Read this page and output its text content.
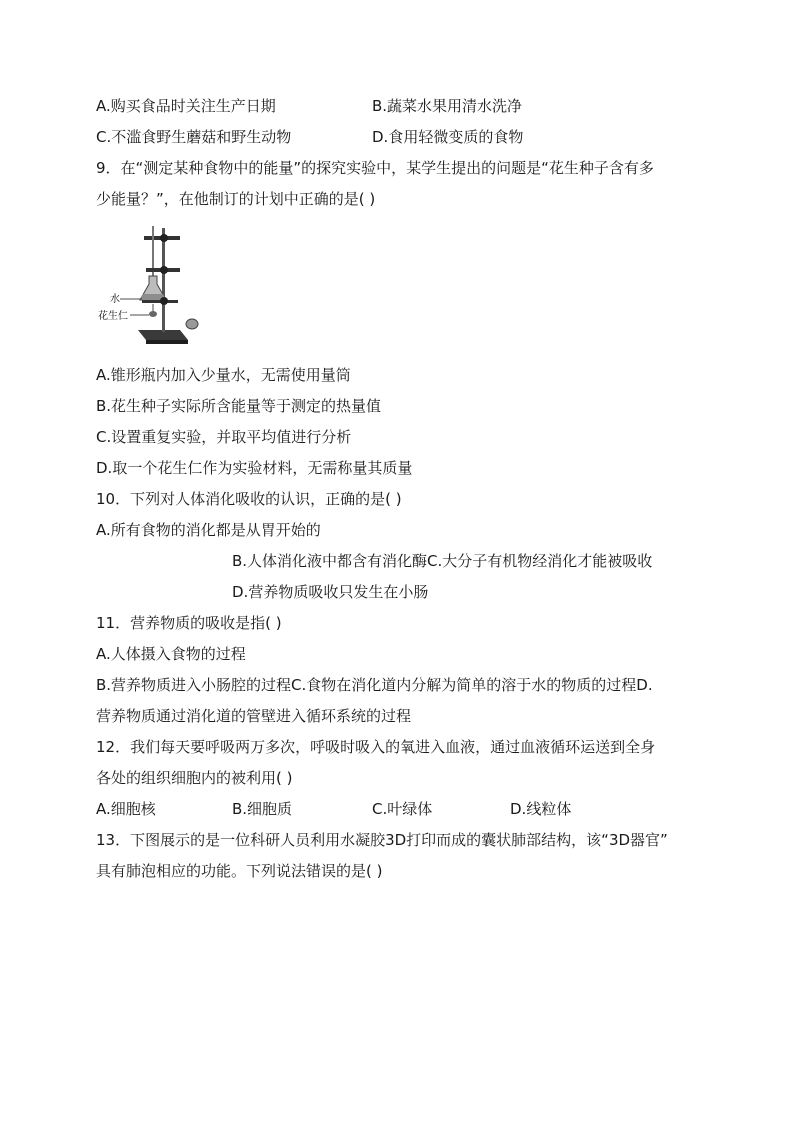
A.购买食品时关注生产日期	B.蔬菜水果用清水洗净
C.不滥食野生蘑菇和野生动物	D.食用轻微变质的食物
9．在“测定某种食物中的能量”的探究实验中，某学生提出的问题是“花生种子含有多
少能量？”，在他制订的计划中正确的是( )
水
花生仁
A.锥形瓶内加入少量水，无需使用量筒
B.花生种子实际所含能量等于测定的热量值
C.设置重复实验，并取平均值进行分析
D.取一个花生仁作为实验材料，无需称量其质量
10．下列对人体消化吸收的认识，正确的是( )
A.所有食物的消化都是从胃开始的
B.人体消化液中都含有消化酶C.大分子有机物经消化才能被吸收
D.营养物质吸收只发生在小肠
11．营养物质的吸收是指( )
A.人体摄入食物的过程
B.营养物质进入小肠腔的过程C.食物在消化道内分解为简单的溶于水的物质的过程D.
营养物质通过消化道的管壁进入循环系统的过程
12．我们每天要呼吸两万多次，呼吸时吸入的氧进入血液，通过血液循环运送到全身
各处的组织细胞内的被利用( )
A.细胞核	B.细胞质	C.叶绿体	D.线粒体
13．下图展示的是一位科研人员利用水凝胶3D打印而成的囊状肺部结构，该“3D器官”
具有肺泡相应的功能。下列说法错误的是( )
